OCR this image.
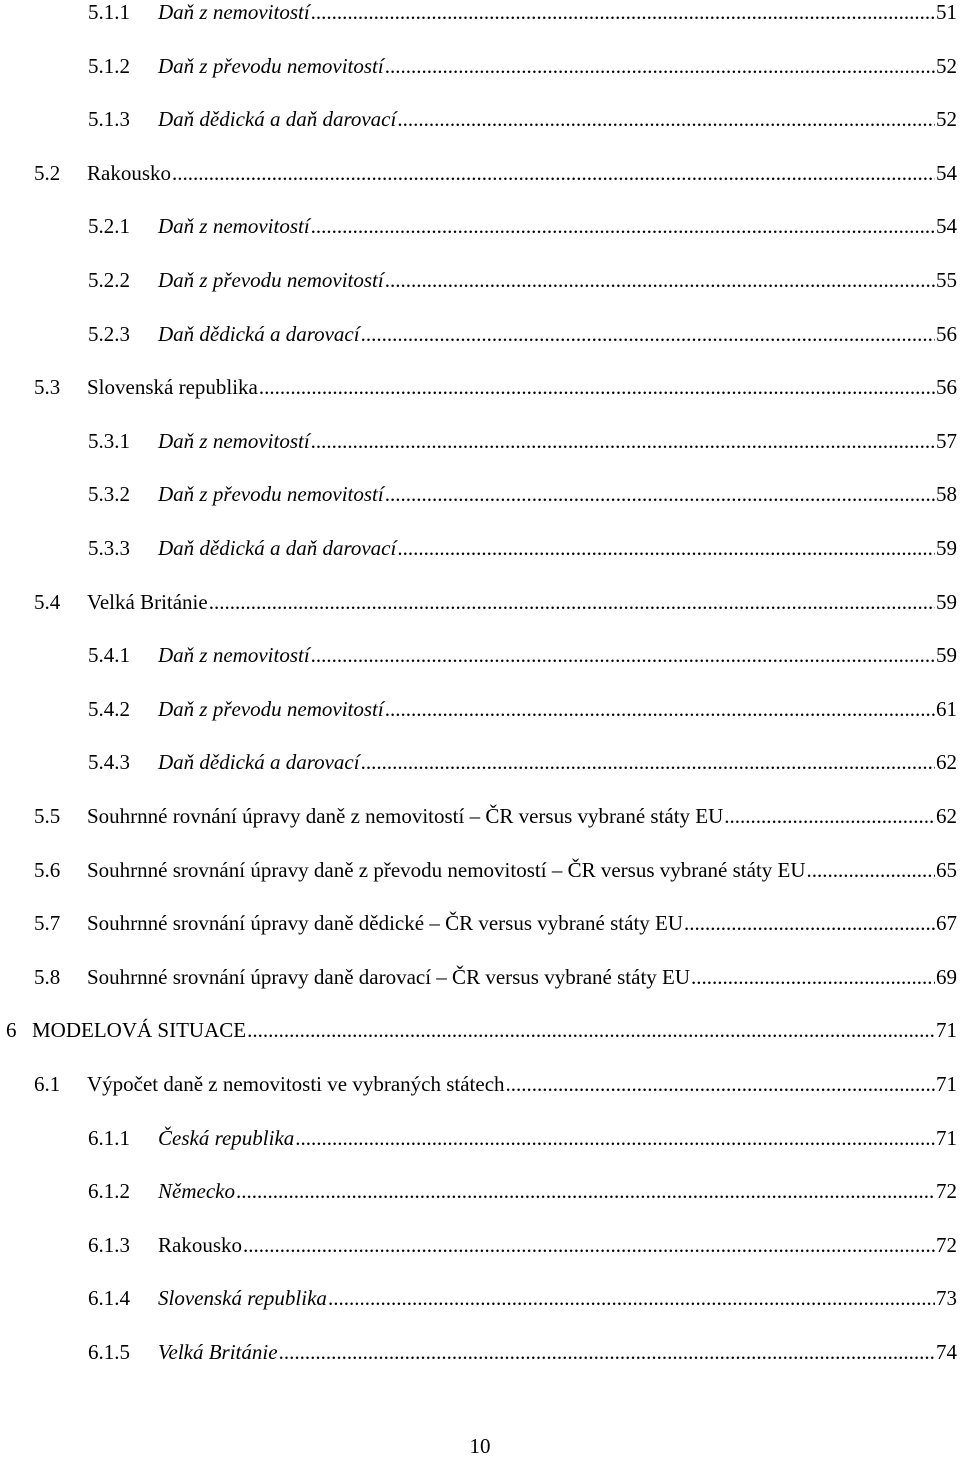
5.1.1	Daň z nemovitostí .....	51
5.1.2	Daň z převodu nemovitostí .....	52
5.1.3	Daň dědická a daň darovací .....	52
5.2	Rakousko .....	54
5.2.1	Daň z nemovitostí .....	54
5.2.2	Daň z převodu nemovitostí .....	55
5.2.3	Daň dědická a darovací .....	56
5.3	Slovenská republika .....	56
5.3.1	Daň z nemovitostí .....	57
5.3.2	Daň z převodu nemovitostí .....	58
5.3.3	Daň dědická a daň darovací .....	59
5.4	Velká Británie .....	59
5.4.1	Daň z nemovitostí .....	59
5.4.2	Daň z převodu nemovitostí .....	61
5.4.3	Daň dědická a darovací .....	62
5.5	Souhrnné rovnání úpravy daně z nemovitostí – ČR versus vybrané státy EU .....	62
5.6	Souhrnné srovnání úpravy daně z převodu nemovitostí – ČR versus vybrané státy EU .....	65
5.7	Souhrnné srovnání úpravy daně dědické – ČR versus vybrané státy EU .....	67
5.8	Souhrnné srovnání úpravy daně darovací – ČR versus vybrané státy EU .....	69
6 MODELOVÁ SITUACE .....	71
6.1	Výpočet daně z nemovitosti ve vybraných státech .....	71
6.1.1	Česká republika .....	71
6.1.2	Německo .....	72
6.1.3	Rakousko .....	72
6.1.4	Slovenská republika .....	73
6.1.5	Velká Británie .....	74
10
